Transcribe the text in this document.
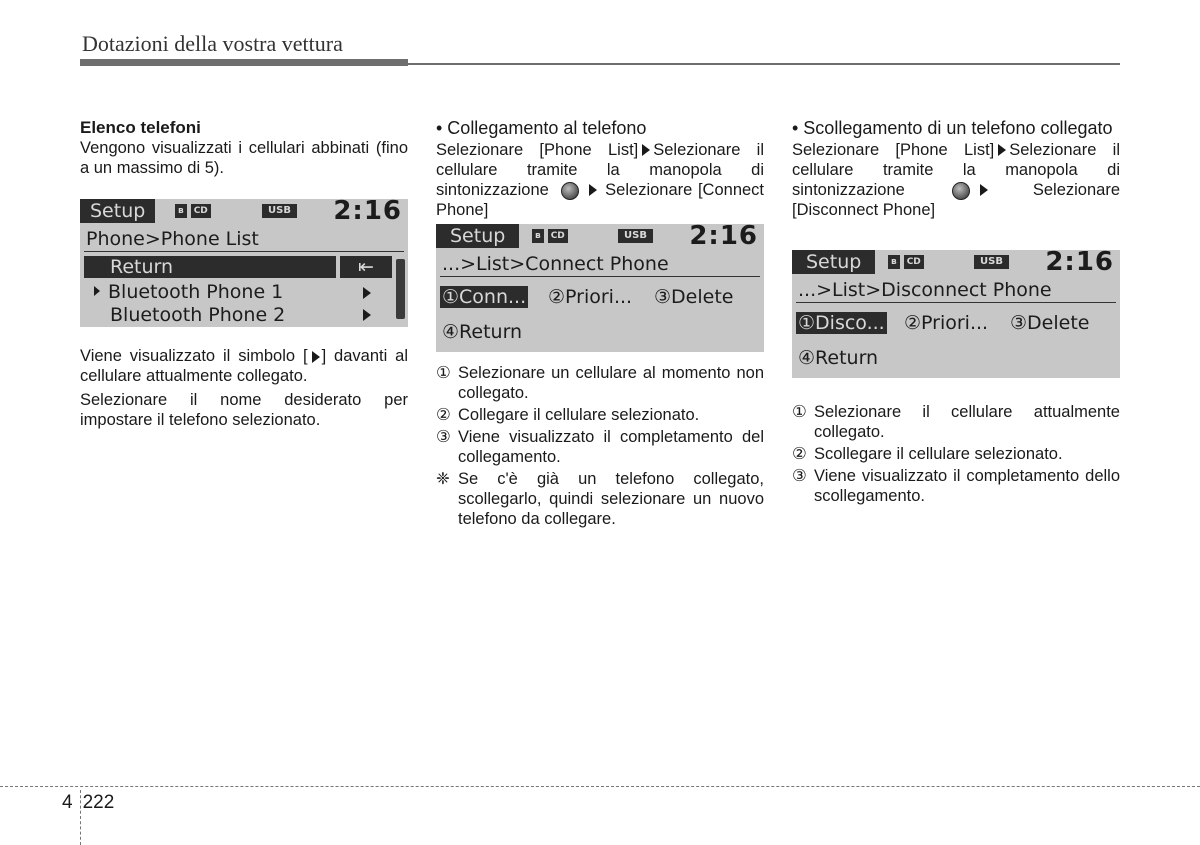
Dotazioni della vostra vettura

Elenco telefoni

Vengono visualizzati i cellulari abbinati (fino a un massimo di 5).

Setup	ʙ	CD	USB 2:16
Phone>Phone List
Return	⇤
Bluetooth Phone 1
Bluetooth Phone 2

Viene visualizzato il simbolo [ ] davanti al cellulare attualmente collegato.

Selezionare il nome desiderato per impostare il telefono selezionato.

• Collegamento al telefono

Selezionare [Phone List] Selezionare il cellulare tramite la manopola di sintonizzazione	Selezionare [Connect Phone]

Setup	ʙ	CD	USB 2:16
...>List>Connect Phone
①Conn... ②Priori... ③Delete
④Return
① Selezionare un cellulare al momento non collegato.
② Collegare il cellulare selezionato.
③ Viene visualizzato il completamento del collegamento.
❈ Se c'è già un telefono collegato, scollegarlo, quindi selezionare un nuovo telefono da collegare.

• Scollegamento di un telefono collegato

Selezionare [Phone List] Selezionare il cellulare tramite la manopola di sintonizzazione	Selezionare [Disconnect Phone]

Setup	ʙ	CD	USB 2:16
...>List>Disconnect Phone
①Disco... ②Priori... ③Delete
④Return
① Selezionare il cellulare attualmente collegato.
② Scollegare il cellulare selezionato.
③ Viene visualizzato il completamento dello scollegamento.
4 222
